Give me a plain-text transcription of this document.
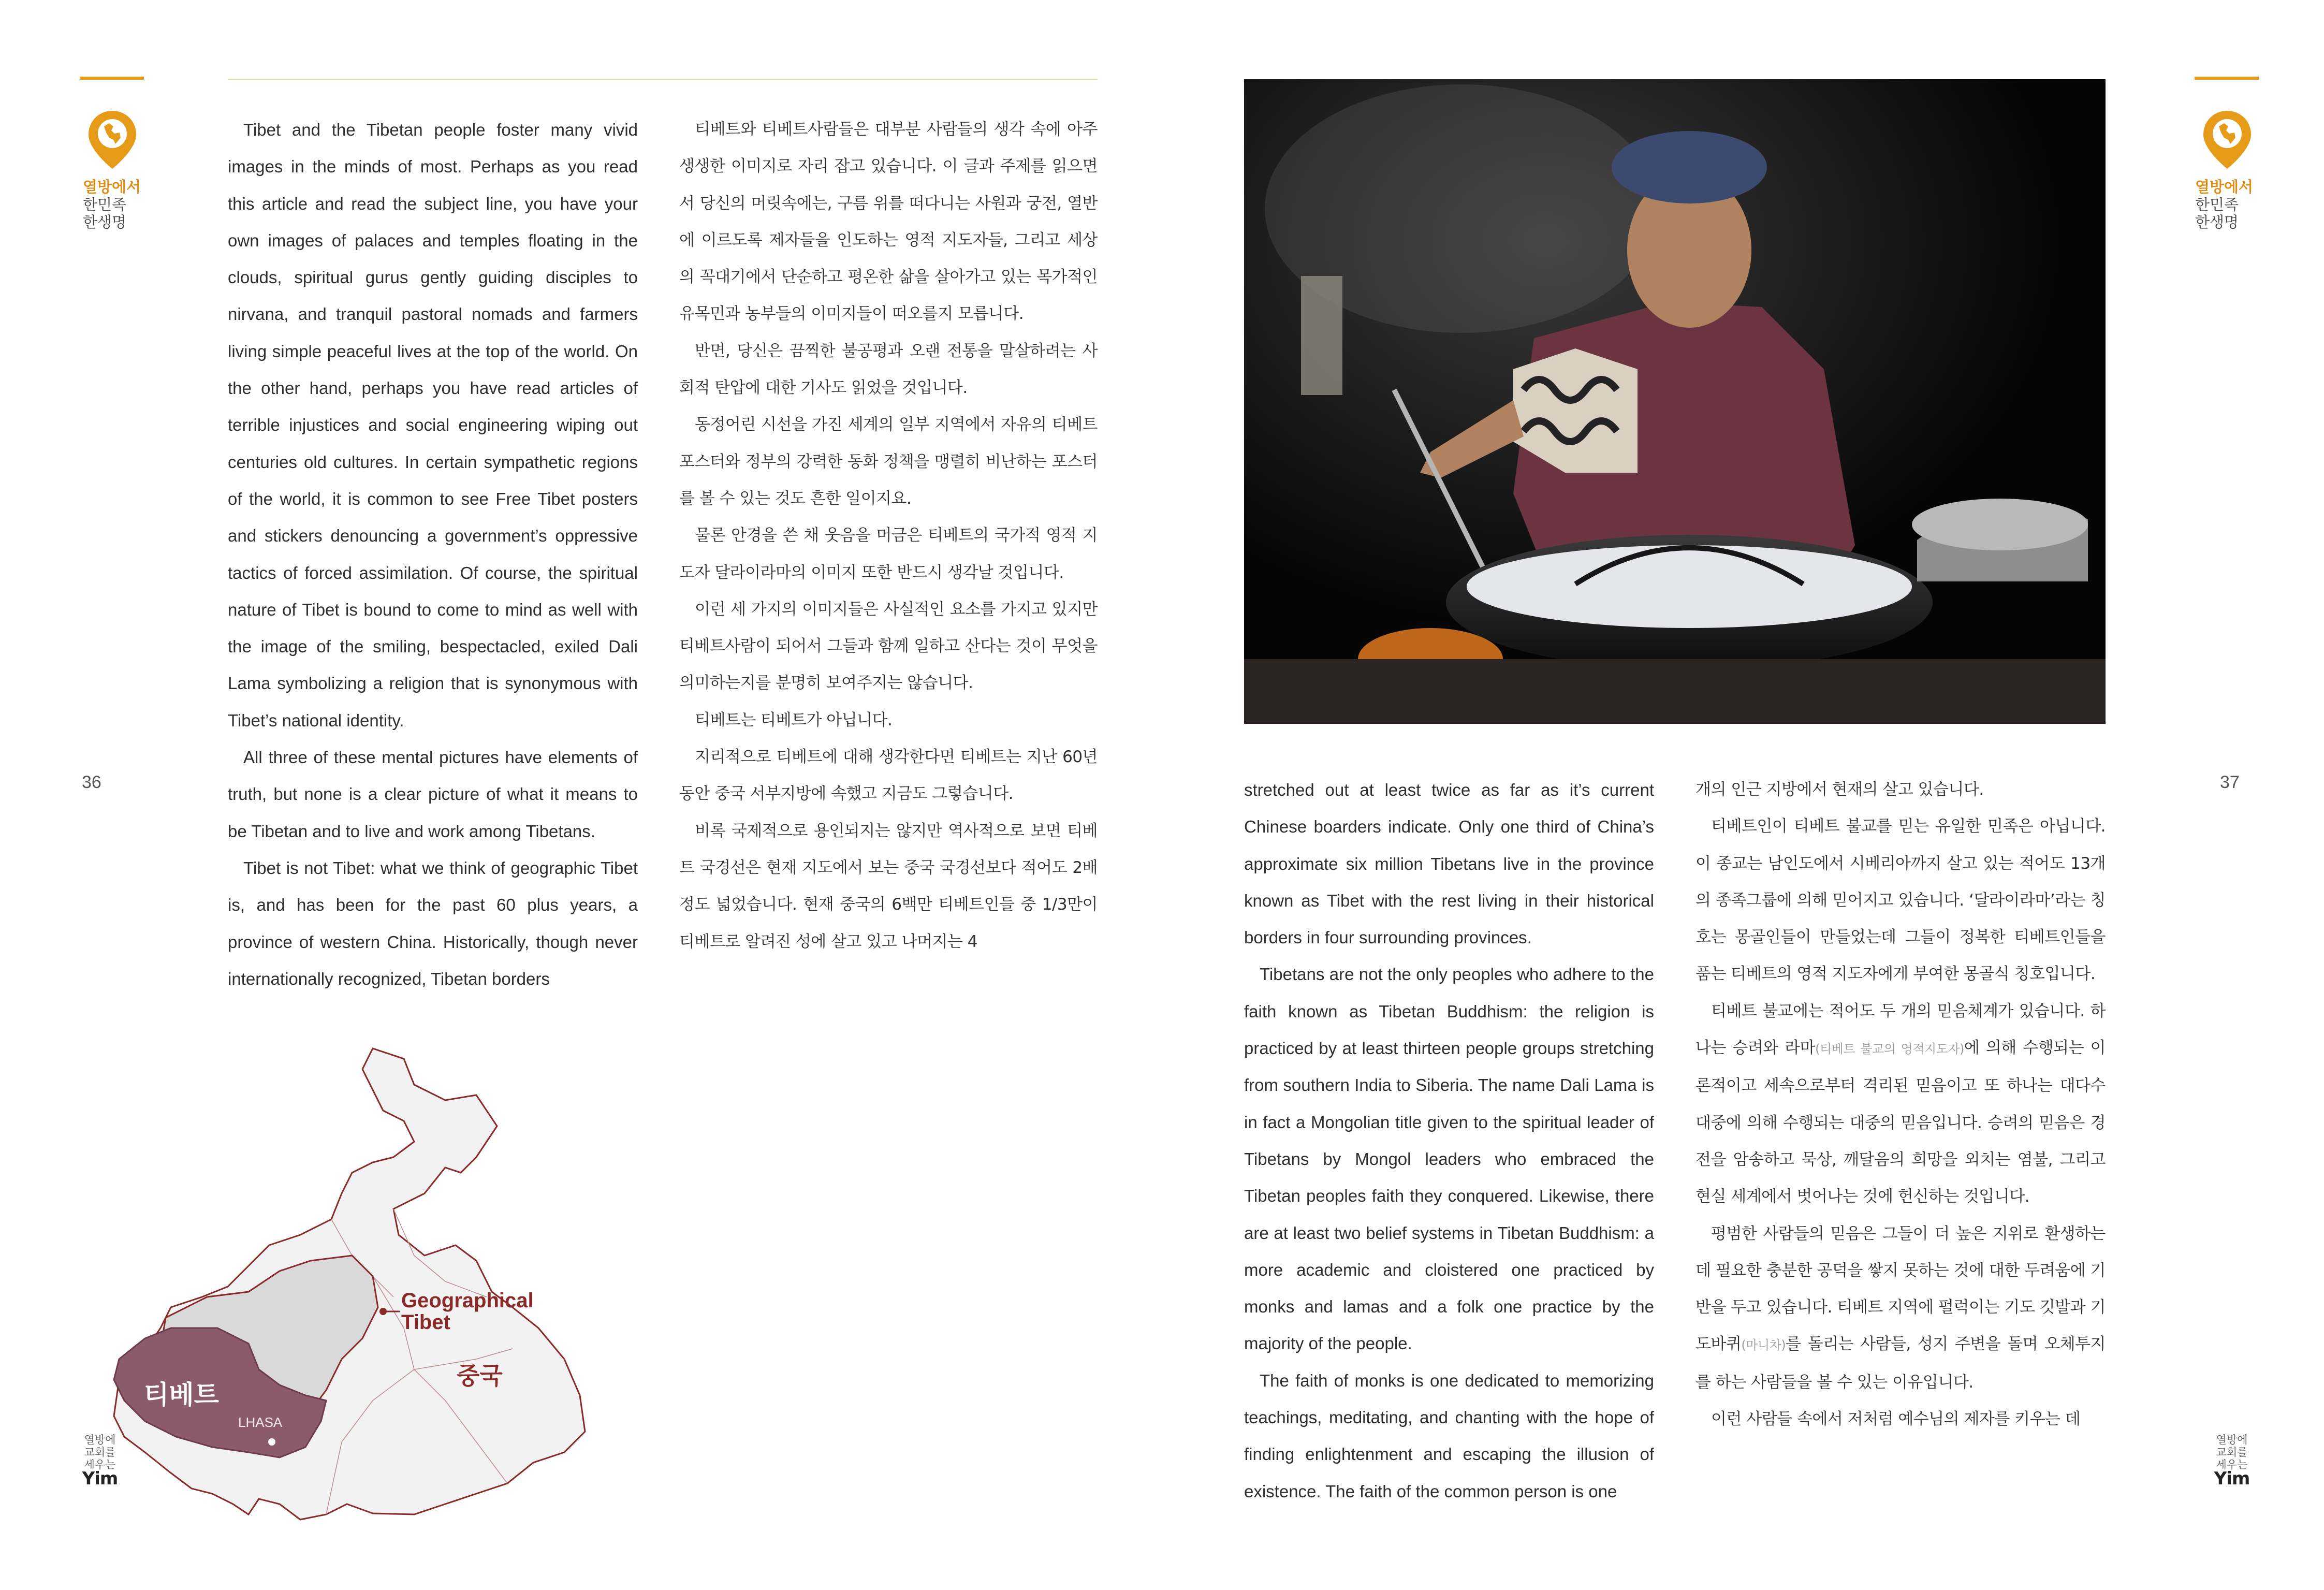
열방에서
한민족
한생명
36
열방에
교회를
세우는
Yim

Tibet and the Tibetan people foster many vivid images in the minds of most. Perhaps as you read this article and read the subject line, you have your own images of palaces and temples floating in the clouds, spiritual gurus gently guiding disciples to nirvana, and tranquil pastoral nomads and farmers living simple peaceful lives at the top of the world. On the other hand, perhaps you have read articles of terrible injustices and social engineering wiping out centuries old cultures. In certain sympathetic regions of the world, it is common to see Free Tibet posters and stickers denouncing a government’s oppressive tactics of forced assimilation. Of course, the spiritual nature of Tibet is bound to come to mind as well with the image of the smiling, bespectacled, exiled Dali Lama symbolizing a religion that is synonymous with Tibet’s national identity.

All three of these mental pictures have elements of truth, but none is a clear picture of what it means to be Tibetan and to live and work among Tibetans.

Tibet is not Tibet: what we think of geographic Tibet is, and has been for the past 60 plus years, a province of western China. Historically, though never internationally recognized, Tibetan borders

티베트와 티베트사람들은 대부분 사람들의 생각 속에 아주 생생한 이미지로 자리 잡고 있습니다. 이 글과 주제를 읽으면서 당신의 머릿속에는, 구름 위를 떠다니는 사원과 궁전, 열반에 이르도록 제자들을 인도하는 영적 지도자들, 그리고 세상의 꼭대기에서 단순하고 평온한 삶을 살아가고 있는 목가적인 유목민과 농부들의 이미지들이 떠오를지 모릅니다.

반면, 당신은 끔찍한 불공평과 오랜 전통을 말살하려는 사회적 탄압에 대한 기사도 읽었을 것입니다.

동정어린 시선을 가진 세계의 일부 지역에서 자유의 티베트 포스터와 정부의 강력한 동화 정책을 맹렬히 비난하는 포스터를 볼 수 있는 것도 흔한 일이지요.

물론 안경을 쓴 채 웃음을 머금은 티베트의 국가적 영적 지도자 달라이라마의 이미지 또한 반드시 생각날 것입니다.

이런 세 가지의 이미지들은 사실적인 요소를 가지고 있지만 티베트사람이 되어서 그들과 함께 일하고 산다는 것이 무엇을 의미하는지를 분명히 보여주지는 않습니다.

티베트는 티베트가 아닙니다.

지리적으로 티베트에 대해 생각한다면 티베트는 지난 60년 동안 중국 서부지방에 속했고 지금도 그렇습니다.

비록 국제적으로 용인되지는 않지만 역사적으로 보면 티베트 국경선은 현재 지도에서 보는 중국 국경선보다 적어도 2배 정도 넓었습니다. 현재 중국의 6백만 티베트인들 중 1/3만이 티베트로 알려진 성에 살고 있고 나머지는 4

티베트
LHASA
Geographical Tibet
중국
37
열방에서
한민족
한생명
열방에
교회를
세우는
Yim

stretched out at least twice as far as it’s current Chinese boarders indicate. Only one third of China’s approximate six million Tibetans live in the province known as Tibet with the rest living in their historical borders in four surrounding provinces.

Tibetans are not the only peoples who adhere to the faith known as Tibetan Buddhism: the religion is practiced by at least thirteen people groups stretching from southern India to Siberia. The name Dali Lama is in fact a Mongolian title given to the spiritual leader of Tibetans by Mongol leaders who embraced the Tibetan peoples faith they conquered. Likewise, there are at least two belief systems in Tibetan Buddhism: a more academic and cloistered one practiced by monks and lamas and a folk one practice by the majority of the people.

The faith of monks is one dedicated to memorizing teachings, meditating, and chanting with the hope of finding enlightenment and escaping the illusion of existence. The faith of the common person is one

개의 인근 지방에서 현재의 살고 있습니다.

티베트인이 티베트 불교를 믿는 유일한 민족은 아닙니다. 이 종교는 남인도에서 시베리아까지 살고 있는 적어도 13개의 종족그룹에 의해 믿어지고 있습니다. ‘달라이라마’라는 칭호는 몽골인들이 만들었는데 그들이 정복한 티베트인들을 품는 티베트의 영적 지도자에게 부여한 몽골식 칭호입니다.

티베트 불교에는 적어도 두 개의 믿음체계가 있습니다. 하나는 승려와 라마(티베트 불교의 영적지도자)에 의해 수행되는 이론적이고 세속으로부터 격리된 믿음이고 또 하나는 대다수 대중에 의해 수행되는 대중의 믿음입니다. 승려의 믿음은 경전을 암송하고 묵상, 깨달음의 희망을 외치는 염불, 그리고 현실 세계에서 벗어나는 것에 헌신하는 것입니다.

평범한 사람들의 믿음은 그들이 더 높은 지위로 환생하는 데 필요한 충분한 공덕을 쌓지 못하는 것에 대한 두려움에 기반을 두고 있습니다. 티베트 지역에 펄럭이는 기도 깃발과 기도바퀴(마니차)를 돌리는 사람들, 성지 주변을 돌며 오체투지를 하는 사람들을 볼 수 있는 이유입니다.

이런 사람들 속에서 저처럼 예수님의 제자를 키우는 데
